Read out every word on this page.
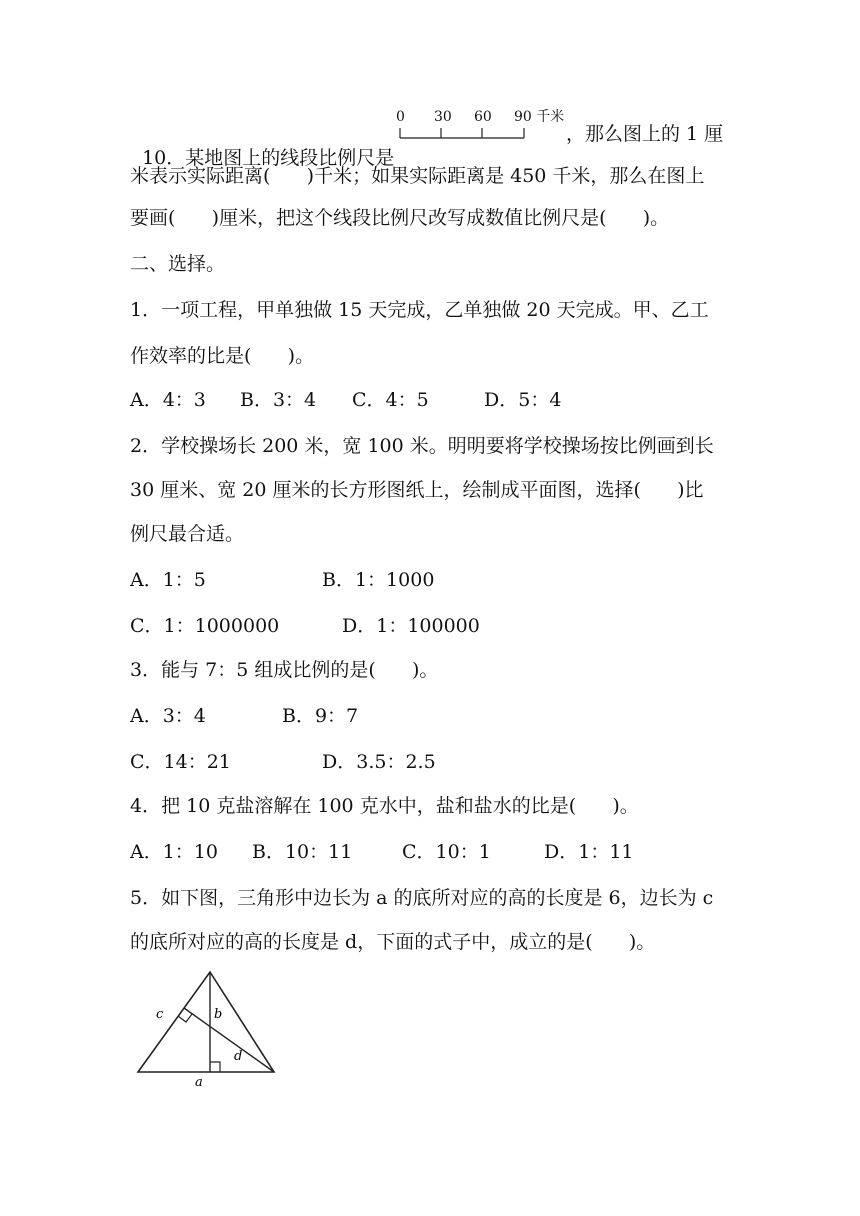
10．某地图上的线段比例尺是

0 30 60 90 千米
，那么图上的 1 厘
米表示实际距离(      )千米；如果实际距离是 450 千米，那么在图上
要画(      )厘米，把这个线段比例尺改写成数值比例尺是(      )。
二、选择。
1．一项工程，甲单独做 15 天完成，乙单独做 20 天完成。甲、乙工
作效率的比是(      )。
A．4：3 B．3：4 C．4：5	D．5：4
2．学校操场长 200 米，宽 100 米。明明要将学校操场按比例画到长
30 厘米、宽 20 厘米的长方形图纸上，绘制成平面图，选择(      )比
例尺最合适。
A．1：5	B．1：1000
C．1：1000000	D．1：100000
3．能与 7：5 组成比例的是(      )。
A．3：4	B．9：7
C．14：21	D．3.5：2.5
4．把 10 克盐溶解在 100 克水中，盐和盐水的比是(      )。
A．1：10 B．10：11	C．10：1	D．1：11
5．如下图，三角形中边长为 a 的底所对应的高的长度是 6，边长为 c
的底所对应的高的长度是 d，下面的式子中，成立的是(      )。
c	b
d
a
